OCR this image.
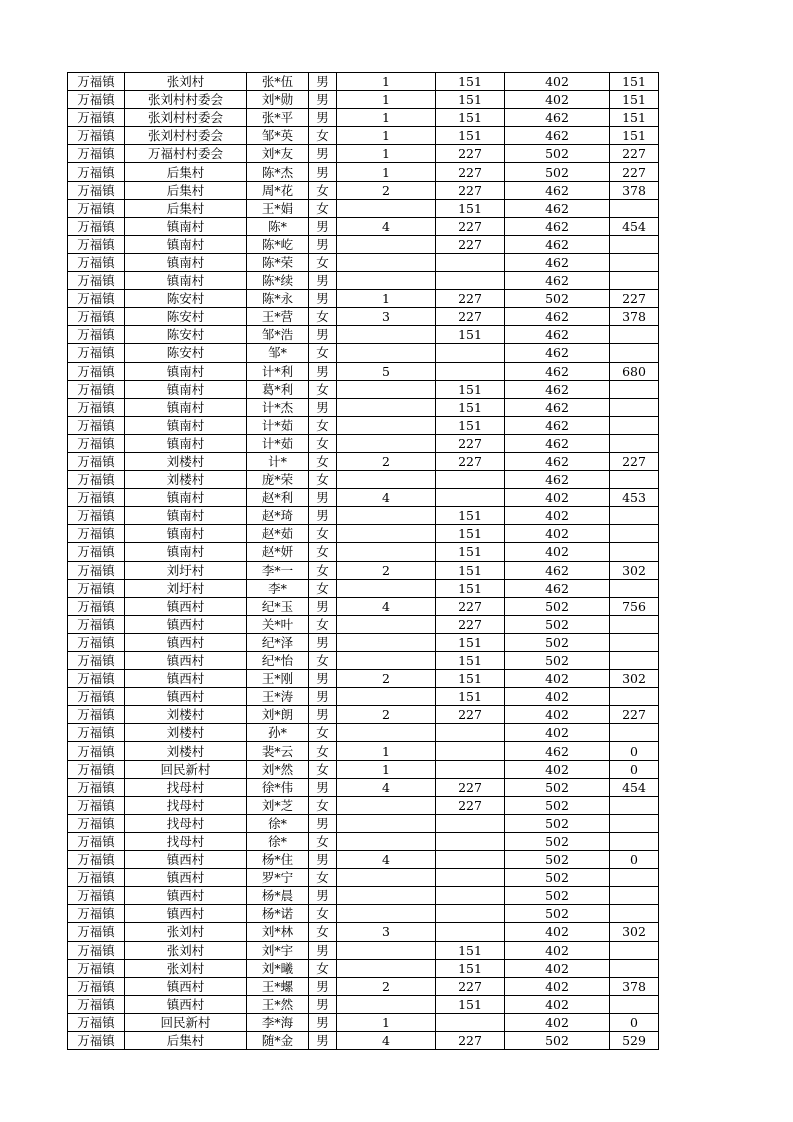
万福镇	张刘村	张*伍	男	1	151	402	151
万福镇	张刘村村委会	刘*勋	男	1	151	402	151
万福镇	张刘村村委会	张*平	男	1	151	462	151
万福镇	张刘村村委会	邹*英	女	1	151	462	151
万福镇	万福村村委会	刘*友	男	1	227	502	227
万福镇	后集村	陈*杰	男	1	227	502	227
万福镇	后集村	周*花	女	2	227	462	378
万福镇	后集村	王*娟	女		151	462	
万福镇	镇南村	陈*	男	4	227	462	454
万福镇	镇南村	陈*屹	男		227	462	
万福镇	镇南村	陈*荣	女			462	
万福镇	镇南村	陈*续	男			462	
万福镇	陈安村	陈*永	男	1	227	502	227
万福镇	陈安村	王*营	女	3	227	462	378
万福镇	陈安村	邹*浩	男		151	462	
万福镇	陈安村	邹*	女			462	
万福镇	镇南村	计*利	男	5		462	680
万福镇	镇南村	葛*利	女		151	462	
万福镇	镇南村	计*杰	男		151	462	
万福镇	镇南村	计*茹	女		151	462	
万福镇	镇南村	计*茹	女		227	462	
万福镇	刘楼村	计*	女	2	227	462	227
万福镇	刘楼村	庞*荣	女			462	
万福镇	镇南村	赵*利	男	4		402	453
万福镇	镇南村	赵*琦	男		151	402	
万福镇	镇南村	赵*茹	女		151	402	
万福镇	镇南村	赵*妍	女		151	402	
万福镇	刘圩村	李*一	女	2	151	462	302
万福镇	刘圩村	李*	女		151	462	
万福镇	镇西村	纪*玉	男	4	227	502	756
万福镇	镇西村	关*叶	女		227	502	
万福镇	镇西村	纪*泽	男		151	502	
万福镇	镇西村	纪*怡	女		151	502	
万福镇	镇西村	王*刚	男	2	151	402	302
万福镇	镇西村	王*涛	男		151	402	
万福镇	刘楼村	刘*朗	男	2	227	402	227
万福镇	刘楼村	孙*	女			402	
万福镇	刘楼村	裴*云	女	1		462	0
万福镇	回民新村	刘*然	女	1		402	0
万福镇	找母村	徐*伟	男	4	227	502	454
万福镇	找母村	刘*芝	女		227	502	
万福镇	找母村	徐*	男			502	
万福镇	找母村	徐*	女			502	
万福镇	镇西村	杨*住	男	4		502	0
万福镇	镇西村	罗*宁	女			502	
万福镇	镇西村	杨*晨	男			502	
万福镇	镇西村	杨*诺	女			502	
万福镇	张刘村	刘*林	女	3		402	302
万福镇	张刘村	刘*宇	男		151	402	
万福镇	张刘村	刘*曦	女		151	402	
万福镇	镇西村	王*螺	男	2	227	402	378
万福镇	镇西村	王*然	男		151	402	
万福镇	回民新村	李*海	男	1		402	0
万福镇	后集村	随*金	男	4	227	502	529
